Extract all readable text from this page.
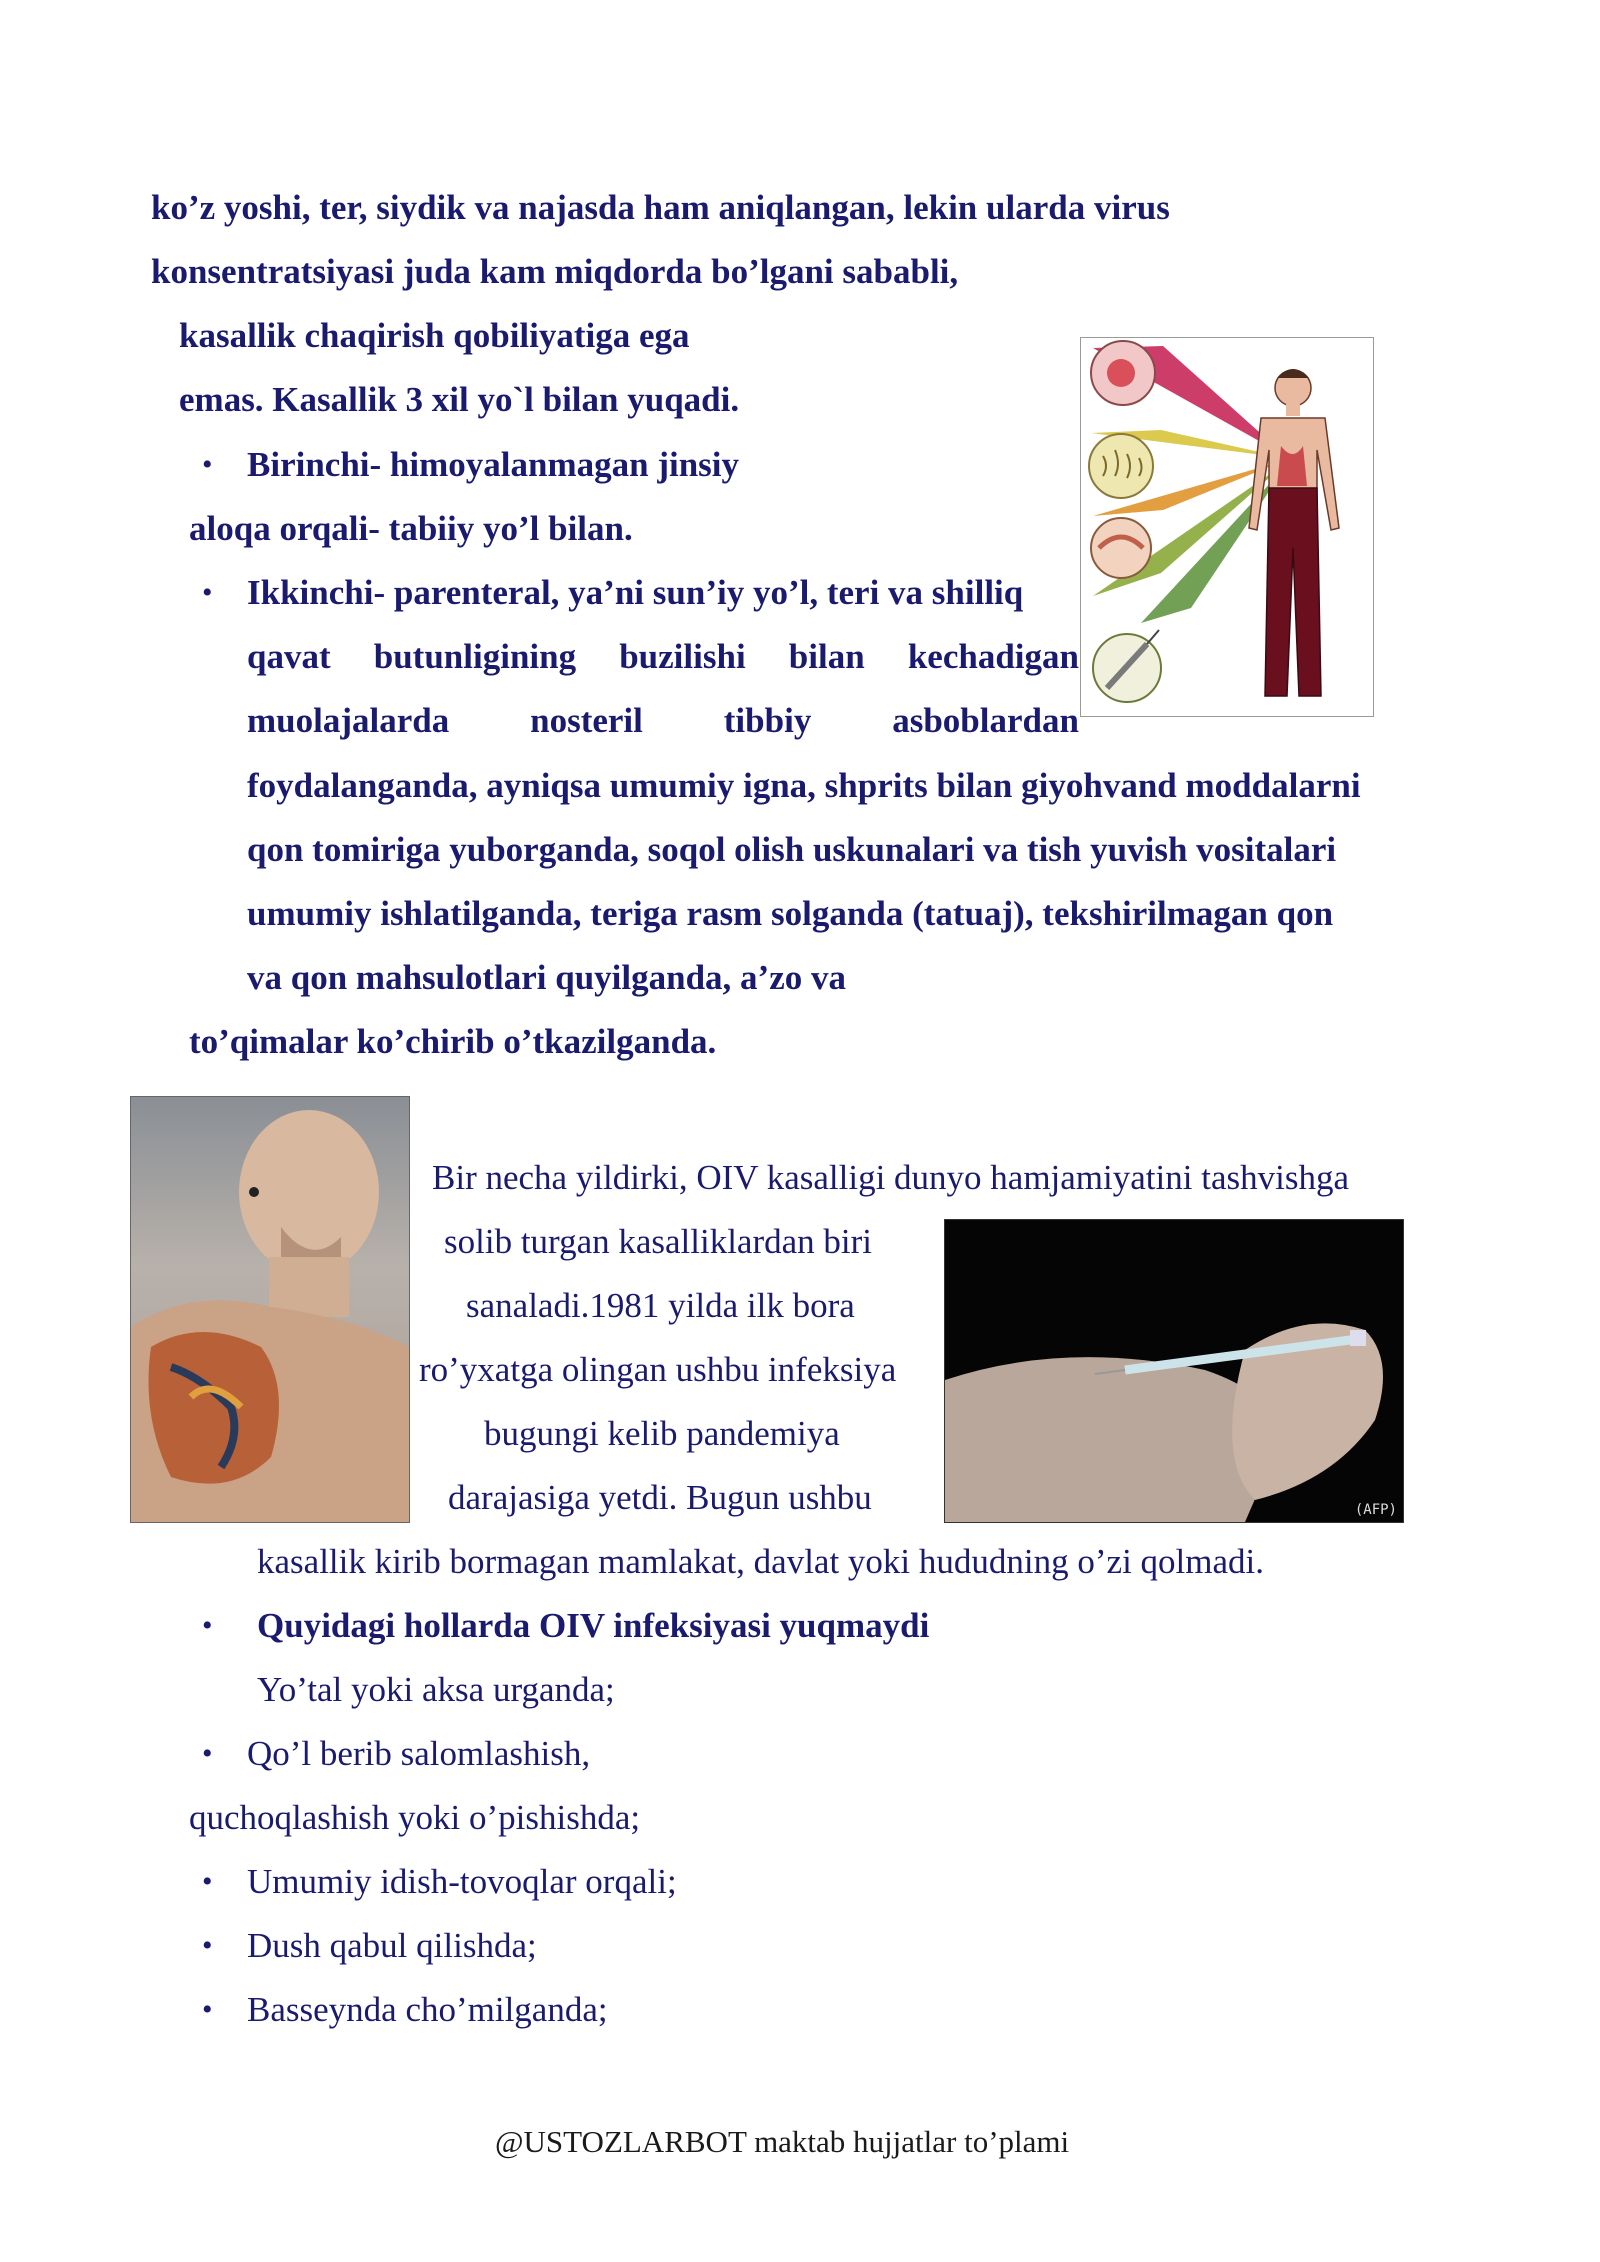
ko’z yoshi, ter, siydik va najasda ham aniqlangan, lekin ularda virus
konsentratsiyasi juda kam miqdorda bo’lgani sababli,
kasallik chaqirish qobiliyatiga ega
emas. Kasallik 3 xil yo`l bilan yuqadi.
• Birinchi- himoyalanmagan jinsiy
aloqa orqali- tabiiy yo’l bilan.
• Ikkinchi- parenteral, ya’ni sun’iy yo’l, teri va shilliq
qavat butunligining buzilishi bilan kechadigan
muolajalarda nosteril tibbiy asboblardan
foydalanganda, ayniqsa umumiy igna, shprits bilan giyohvand moddalarni
qon tomiriga yuborganda, soqol olish uskunalari va tish yuvish vositalari
umumiy ishlatilganda, teriga rasm solganda (tatuaj), tekshirilmagan qon
va qon mahsulotlari quyilganda, a’zo va
to’qimalar ko’chirib o’tkazilganda.
(AFP)
Bir necha yildirki, OIV kasalligi dunyo hamjamiyatini tashvishga
solib turgan kasalliklardan biri
sanaladi.1981 yilda ilk bora
ro’yxatga olingan ushbu infeksiya
bugungi kelib pandemiya
darajasiga yetdi. Bugun ushbu
kasallik kirib bormagan mamlakat, davlat yoki hududning o’zi qolmadi.
• Quyidagi hollarda OIV infeksiyasi yuqmaydi
Yo’tal yoki aksa urganda;
• Qo’l berib salomlashish,
quchoqlashish yoki o’pishishda;
• Umumiy idish-tovoqlar orqali;
• Dush qabul qilishda;
• Basseynda cho’milganda;
@USTOZLARBOT maktab hujjatlar to’plami
